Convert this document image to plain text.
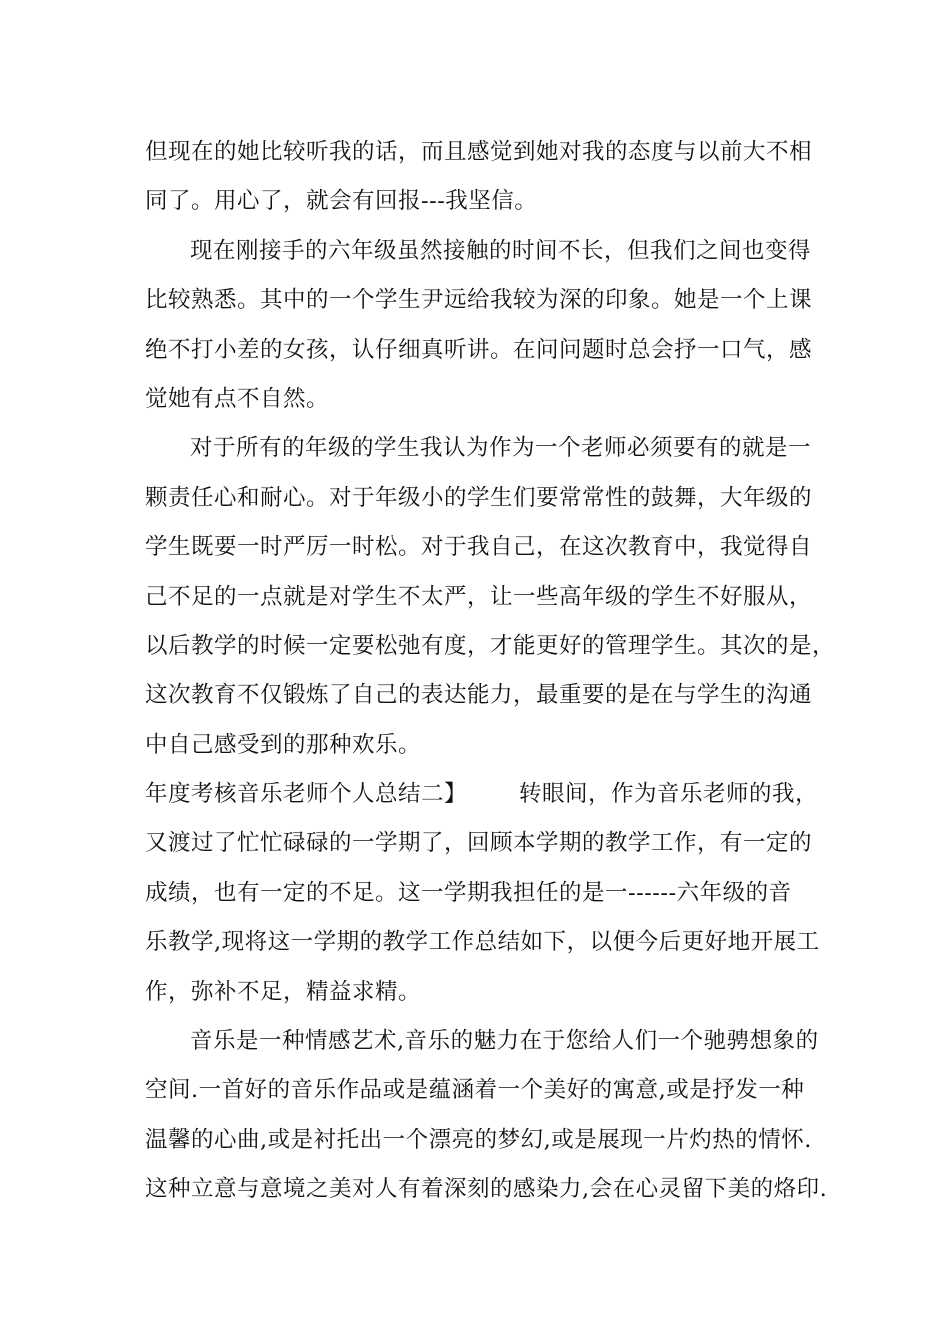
但现在的她比较听我的话，而且感觉到她对我的态度与以前大不相
同了。用心了，就会有回报---我坚信。
现在刚接手的六年级虽然接触的时间不长，但我们之间也变得
比较熟悉。其中的一个学生尹远给我较为深的印象。她是一个上课
绝不打小差的女孩，认仔细真听讲。在问问题时总会抒一口气，感
觉她有点不自然。
对于所有的年级的学生我认为作为一个老师必须要有的就是一
颗责任心和耐心。对于年级小的学生们要常常性的鼓舞，大年级的
学生既要一时严厉一时松。对于我自己，在这次教育中，我觉得自
己不足的一点就是对学生不太严，让一些高年级的学生不好服从，
以后教学的时候一定要松弛有度，才能更好的管理学生。其次的是，
这次教育不仅锻炼了自己的表达能力，最重要的是在与学生的沟通
中自己感受到的那种欢乐。
年度考核音乐老师个人总结二】 转眼间，作为音乐老师的我，
又渡过了忙忙碌碌的一学期了，回顾本学期的教学工作，有一定的
成绩，也有一定的不足。这一学期我担任的是一------六年级的音
乐教学,现将这一学期的教学工作总结如下，以便今后更好地开展工
作，弥补不足，精益求精。
音乐是一种情感艺术,音乐的魅力在于您给人们一个驰骋想象的
空间.一首好的音乐作品或是蕴涵着一个美好的寓意,或是抒发一种
温馨的心曲,或是衬托出一个漂亮的梦幻,或是展现一片灼热的情怀.
这种立意与意境之美对人有着深刻的感染力,会在心灵留下美的烙印.
